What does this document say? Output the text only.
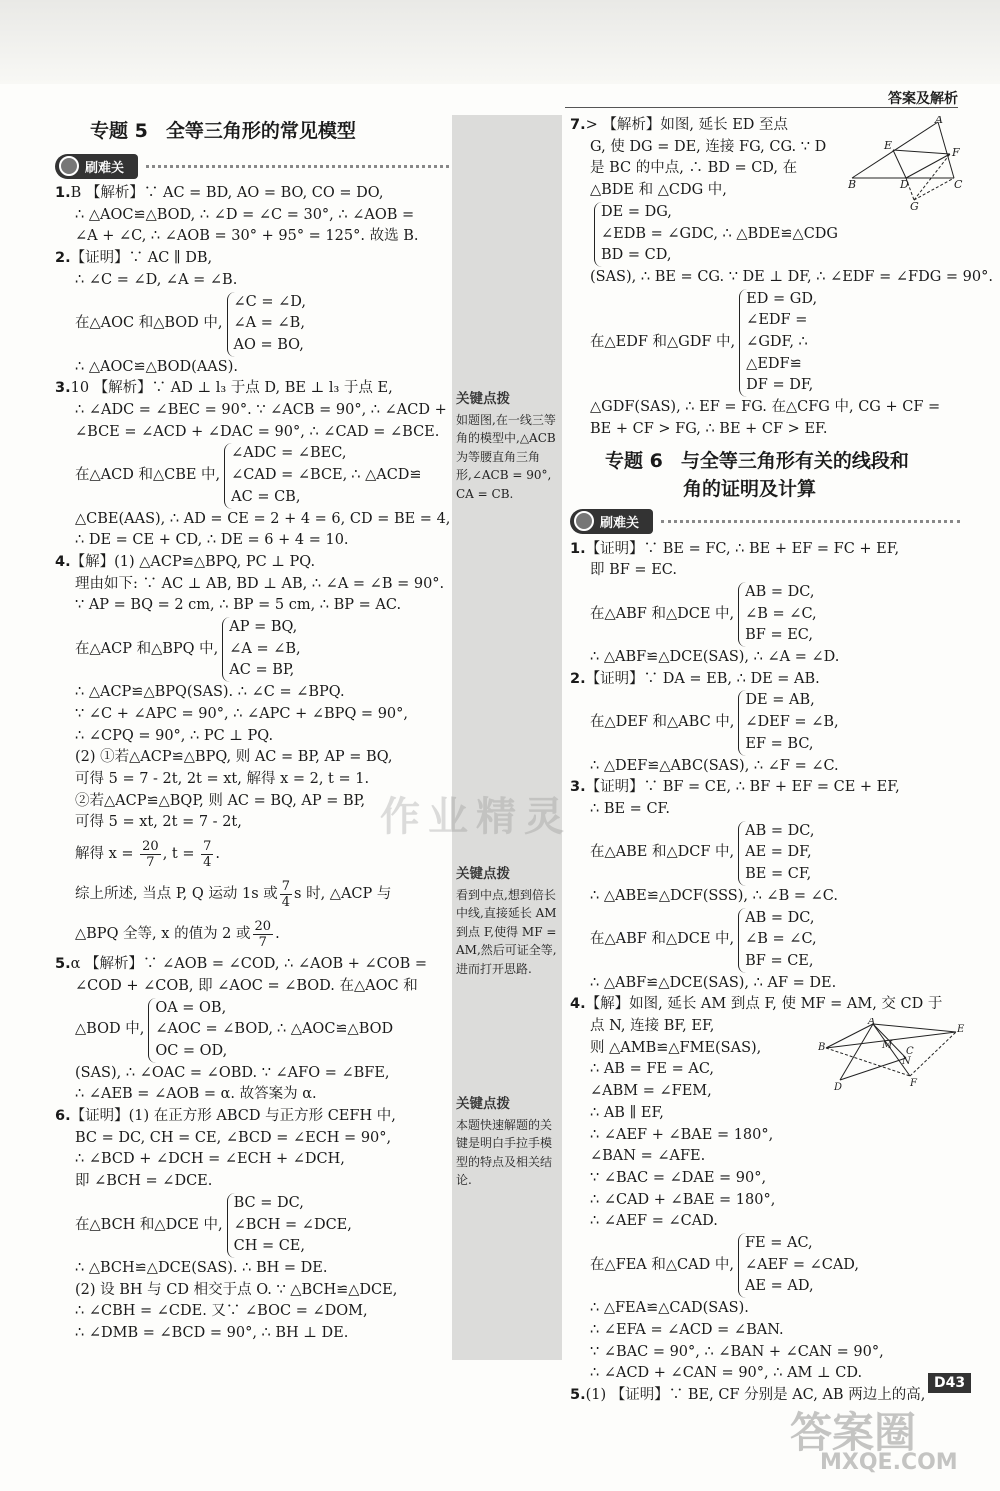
答案及解析
专题 5 全等三角形的常见模型
刷难关
1.B 【解析】∵ AC = BD, AO = BO, CO = DO,
∴ △AOC≌△BOD, ∴ ∠D = ∠C = 30°, ∴ ∠AOB =
∠A + ∠C, ∴ ∠AOB = 30° + 95° = 125°. 故选 B.
2.【证明】∵ AC ∥ DB,
∴ ∠C = ∠D, ∠A = ∠B.
在△AOC 和△BOD 中,
∠C = ∠D,
∠A = ∠B,
AO = BO,
∴ △AOC≌△BOD(AAS).
3.10 【解析】∵ AD ⊥ l₃ 于点 D, BE ⊥ l₃ 于点 E,
∴ ∠ADC = ∠BEC = 90°. ∵ ∠ACB = 90°, ∴ ∠ACD +
∠BCE = ∠ACD + ∠DAC = 90°, ∴ ∠CAD = ∠BCE.
在△ACD 和△CBE 中,
∠ADC = ∠BEC,
∠CAD = ∠BCE,
AC = CB,
∴ △ACD≌
△CBE(AAS), ∴ AD = CE = 2 + 4 = 6, CD = BE = 4,
∴ DE = CE + CD, ∴ DE = 6 + 4 = 10.
4.【解】(1) △ACP≌△BPQ, PC ⊥ PQ.
理由如下: ∵ AC ⊥ AB, BD ⊥ AB, ∴ ∠A = ∠B = 90°.
∵ AP = BQ = 2 cm, ∴ BP = 5 cm, ∴ BP = AC.
在△ACP 和△BPQ 中,
AP = BQ,
∠A = ∠B,
AC = BP,
∴ △ACP≌△BPQ(SAS). ∴ ∠C = ∠BPQ.
∵ ∠C + ∠APC = 90°, ∴ ∠APC + ∠BPQ = 90°,
∴ ∠CPQ = 90°, ∴ PC ⊥ PQ.
(2) ①若△ACP≌△BPQ, 则 AC = BP, AP = BQ,
可得 5 = 7 - 2t, 2t = xt, 解得 x = 2, t = 1.
②若△ACP≌△BQP, 则 AC = BQ, AP = BP,
可得 5 = xt, 2t = 7 - 2t,
解得 $x = \frac{20}{7}$ , $t = \frac{7}{4}$ .
综上所述, 当点 P, Q 运动 1s 或 $\frac{7}{4}$ s 时, △ACP 与
△BPQ 全等, x 的值为 2 或 $\frac{20}{7}$ .
5.α 【解析】∵ ∠AOB = ∠COD, ∴ ∠AOB + ∠COB =
∠COD + ∠COB, 即 ∠AOC = ∠BOD. 在△AOC 和
△BOD 中,
OA = OB,
∠AOC = ∠BOD,
OC = OD,
∴ △AOC≌△BOD
(SAS), ∴ ∠OAC = ∠OBD. ∵ ∠AFO = ∠BFE,
∴ ∠AEB = ∠AOB = α. 故答案为 α.
6.【证明】(1) 在正方形 ABCD 与正方形 CEFH 中,
BC = DC, CH = CE, ∠BCD = ∠ECH = 90°,
∴ ∠BCD + ∠DCH = ∠ECH + ∠DCH,
即 ∠BCH = ∠DCE.
在△BCH 和△DCE 中,
BC = DC,
∠BCH = ∠DCE,
CH = CE,
∴ △BCH≌△DCE(SAS). ∴ BH = DE.
(2) 设 BH 与 CD 相交于点 O. ∵ △BCH≌△DCE,
∴ ∠CBH = ∠CDE. 又∵ ∠BOC = ∠DOM,
∴ ∠DMB = ∠BCD = 90°, ∴ BH ⊥ DE.
关键点拨
如题图,在一线三等角的模型中,△ACB 为等腰直角三角形,∠ACB = 90°, CA = CB.
关键点拨
看到中点,想到倍长中线,直接延长 AM 到点 F,使得 MF = AM,然后可证全等,进而打开思路.
关键点拨
本题快速解题的关键是明白手拉手模型的特点及相关结论.
7.> 【解析】如图, 延长 ED 至点
G, 使 DG = DE, 连接 FG, CG. ∵ D
是 BC 的中点, ∴ BD = CD, 在
△BDE 和 △CDG 中,
DE = DG,
∠EDB = ∠GDC, ∴ △BDE≌△CDG
BD = CD,
(SAS), ∴ BE = CG. ∵ DE ⊥ DF, ∴ ∠EDF = ∠FDG = 90°.
在△EDF 和△GDF 中,
ED = GD,
∠EDF = ∠GDF, ∴ △EDF≌
DF = DF,
△GDF(SAS), ∴ EF = FG. 在△CFG 中, CG + CF =
BE + CF > FG, ∴ BE + CF > EF.
专题 6 与全等三角形有关的线段和
角的证明及计算
刷难关
1.【证明】∵ BE = FC, ∴ BE + EF = FC + EF,
即 BF = EC.
在△ABF 和△DCE 中,
AB = DC,
∠B = ∠C,
BF = EC,
∴ △ABF≌△DCE(SAS), ∴ ∠A = ∠D.
2.【证明】∵ DA = EB, ∴ DE = AB.
在△DEF 和△ABC 中,
DE = AB,
∠DEF = ∠B,
EF = BC,
∴ △DEF≌△ABC(SAS), ∴ ∠F = ∠C.
3.【证明】∵ BF = CE, ∴ BF + EF = CE + EF,
∴ BE = CF.
在△ABE 和△DCF 中,
AB = DC,
AE = DF,
BE = CF,
∴ △ABE≌△DCF(SSS), ∴ ∠B = ∠C.
在△ABF 和△DCE 中,
AB = DC,
∠B = ∠C,
BF = CE,
∴ △ABF≌△DCE(SAS), ∴ AF = DE.
4.【解】如图, 延长 AM 到点 F, 使 MF = AM, 交 CD 于
点 N, 连接 BF, EF,
则 △AMB≌△FME(SAS),
∴ AB = FE = AC,
∠ABM = ∠FEM,
∴ AB ∥ EF,
∴ ∠AEF + ∠BAE = 180°,
∠BAN = ∠AFE.
∵ ∠BAC = ∠DAE = 90°,
∴ ∠CAD + ∠BAE = 180°,
∴ ∠AEF = ∠CAD.
在△FEA 和△CAD 中,
FE = AC,
∠AEF = ∠CAD,
AE = AD,
∴ △FEA≌△CAD(SAS).
∴ ∠EFA = ∠ACD = ∠BAN.
∵ ∠BAC = 90°, ∴ ∠BAN + ∠CAN = 90°,
∴ ∠ACD + ∠CAN = 90°, ∴ AM ⊥ CD.
5.(1) 【证明】∵ BE, CF 分别是 AC, AB 两边上的高,
A
E
F
B	D	C
G
A
E
B	M
C
N
D	F
D43
作业精灵
答案圈
MXQE.COM
